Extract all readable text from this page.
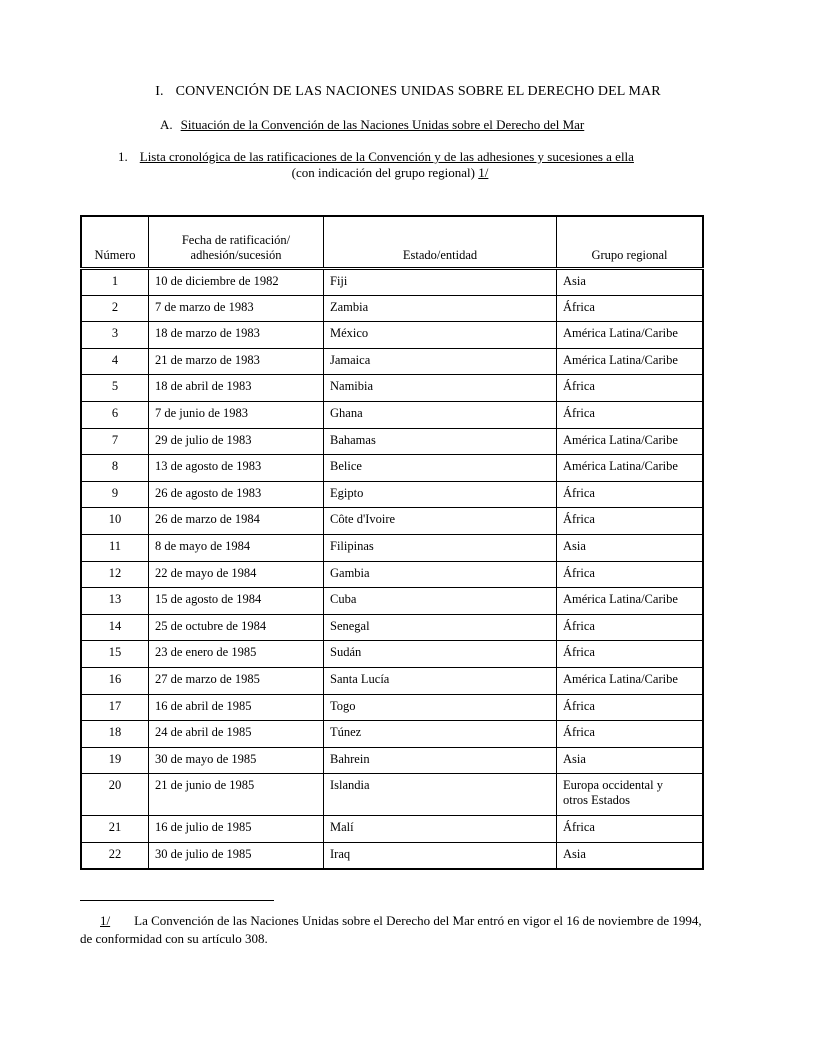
I. CONVENCIÓN DE LAS NACIONES UNIDAS SOBRE EL DERECHO DEL MAR
A. Situación de la Convención de las Naciones Unidas sobre el Derecho del Mar
1. Lista cronológica de las ratificaciones de la Convención y de las adhesiones y sucesiones a ella
(con indicación del grupo regional) 1/
Número	Fecha de ratificación/
adhesión/sucesión	Estado/entidad	Grupo regional
1	10 de diciembre de 1982	Fiji	Asia
2	7 de marzo de 1983	Zambia	África
3	18 de marzo de 1983	México	América Latina/Caribe
4	21 de marzo de 1983	Jamaica	América Latina/Caribe
5	18 de abril de 1983	Namibia	África
6	7 de junio de 1983	Ghana	África
7	29 de julio de 1983	Bahamas	América Latina/Caribe
8	13 de agosto de 1983	Belice	América Latina/Caribe
9	26 de agosto de 1983	Egipto	África
10	26 de marzo de 1984	Côte d'Ivoire	África
11	8 de mayo de 1984	Filipinas	Asia
12	22 de mayo de 1984	Gambia	África
13	15 de agosto de 1984	Cuba	América Latina/Caribe
14	25 de octubre de 1984	Senegal	África
15	23 de enero de 1985	Sudán	África
16	27 de marzo de 1985	Santa Lucía	América Latina/Caribe
17	16 de abril de 1985	Togo	África
18	24 de abril de 1985	Túnez	África
19	30 de mayo de 1985	Bahrein	Asia
20	21 de junio de 1985	Islandia	Europa occidental y
otros Estados
21	16 de julio de 1985	Malí	África
22	30 de julio de 1985	Iraq	Asia
1/ La Convención de las Naciones Unidas sobre el Derecho del Mar entró en vigor el 16 de noviembre de 1994, de conformidad con su artículo 308.
